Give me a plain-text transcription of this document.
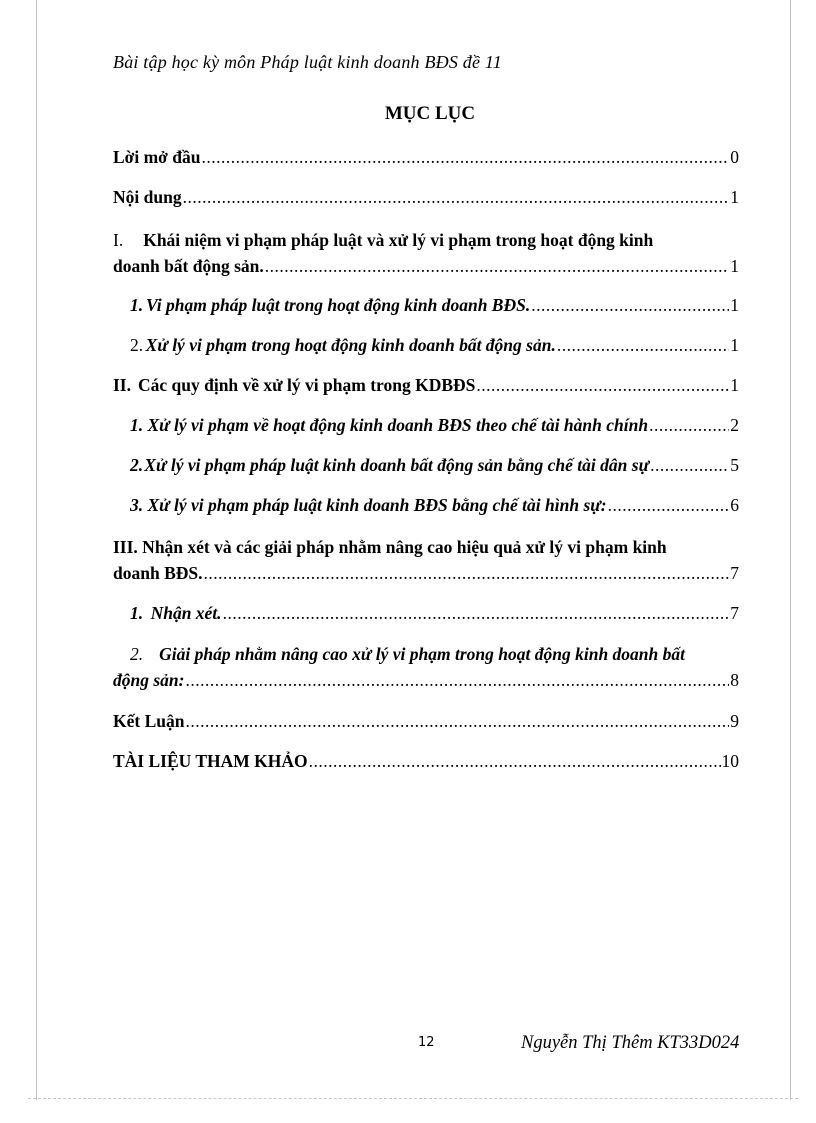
Bài tập học kỳ môn Pháp luật kinh doanh BĐS đề 11
MỤC LỤC
Lời mở đầu .....	0
Nội dung .....	1
I. Khái niệm vi phạm pháp luật và xử lý vi phạm trong hoạt động kinh
doanh bất động sản. .....	1
1. Vi phạm pháp luật trong hoạt động kinh doanh BĐS. .....	1
2. Xử lý vi phạm trong hoạt động kinh doanh bất động sản. .....	1
II. Các quy định về xử lý vi phạm trong KDBĐS .....	1
1. Xử lý vi phạm về hoạt động kinh doanh BĐS theo chế tài hành chính .....	2
2. Xử lý vi phạm pháp luật kinh doanh bất động sản bằng chế tài dân sự .....	5
3. Xử lý vi phạm pháp luật kinh doanh BĐS bằng chế tài hình sự: .....	6
III. Nhận xét và các giải pháp nhằm nâng cao hiệu quả xử lý vi phạm kinh
doanh BĐS. .....	7
1. Nhận xét. .....	7
2. Giải pháp nhằm nâng cao xử lý vi phạm trong hoạt động kinh doanh bất
động sản: .....	8
Kết Luận .....	9
TÀI LIỆU THAM KHẢO .....	10
12	Nguyễn Thị Thêm KT33D024
